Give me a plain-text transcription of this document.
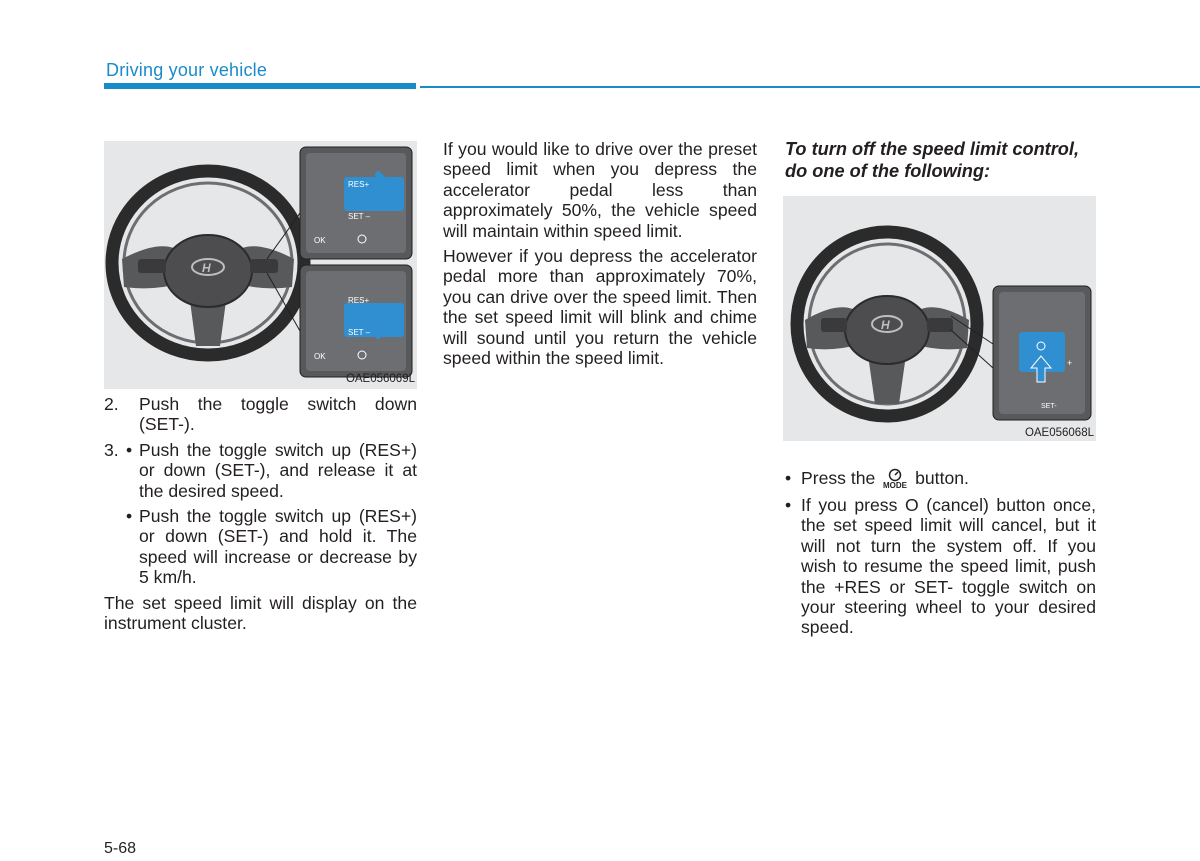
Driving your vehicle
H
RES+
SET –
OK
RES+
SET –
OK
OAE056069L
H
+
SET-
OAE056068L
2. Push the toggle switch down (SET-).

3. • Push the toggle switch up (RES+) or down (SET-), and release it at the desired speed.

• Push the toggle switch up (RES+) or down (SET-) and hold it. The speed will increase or decrease by 5 km/h.

The set speed limit will display on the instrument cluster.

If you would like to drive over the preset speed limit when you depress the accelerator pedal less than approximately 50%, the vehicle speed will maintain within speed limit.

However if you depress the accelerator pedal more than approximately 70%, you can drive over the speed limit. Then the set speed limit will blink and chime will sound until you return the vehicle speed within the speed limit.

To turn off the speed limit control, do one of the following:

• Press the MODE button.
• If you press O (cancel) button once, the set speed limit will cancel, but it will not turn the system off. If you wish to resume the speed limit, push the +RES or SET- toggle switch on your steering wheel to your desired speed.

5-68
